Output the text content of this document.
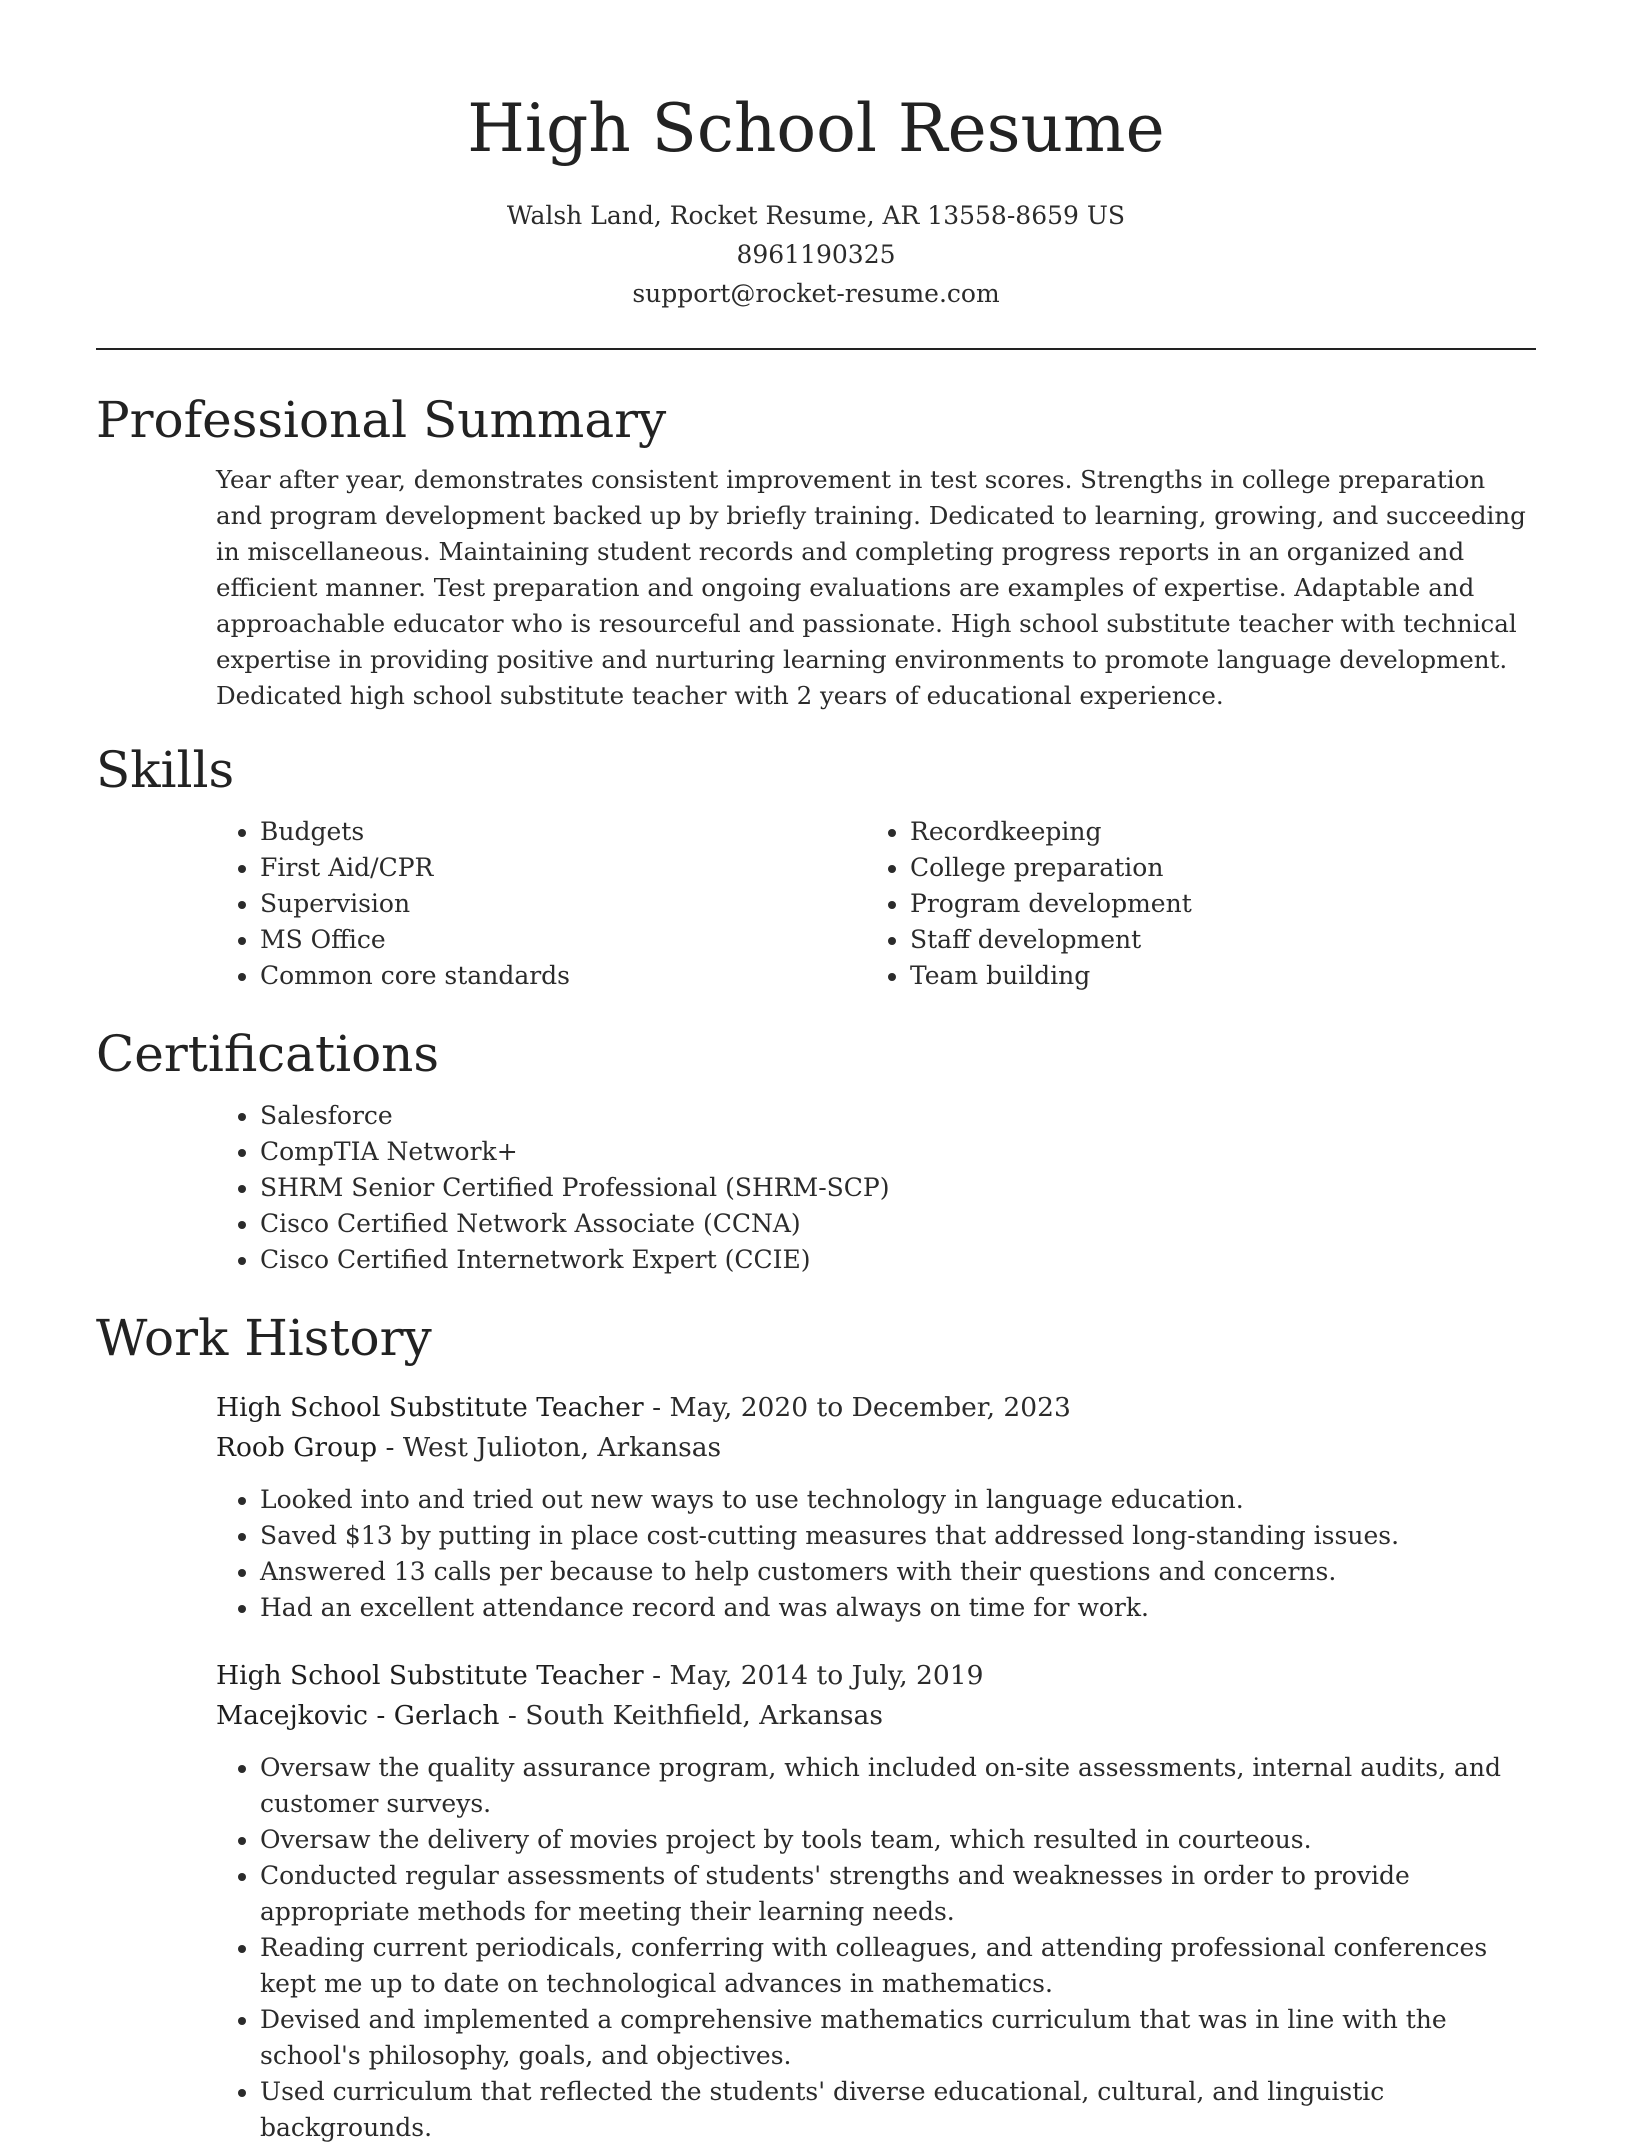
High School Resume
Walsh Land, Rocket Resume, AR 13558-8659 US
8961190325
support@rocket-resume.com
Professional Summary

Year after year, demonstrates consistent improvement in test scores. Strengths in college preparation and program development backed up by briefly training. Dedicated to learning, growing, and succeeding in miscellaneous. Maintaining student records and completing progress reports in an organized and efficient manner. Test preparation and ongoing evaluations are examples of expertise. Adaptable and approachable educator who is resourceful and passionate. High school substitute teacher with technical expertise in providing positive and nurturing learning environments to promote language development. Dedicated high school substitute teacher with 2 years of educational experience.

Skills
• Budgets
• First Aid/CPR
• Supervision
• MS Office
• Common core standards
• Recordkeeping
• College preparation
• Program development
• Staff development
• Team building
Certifications
• Salesforce
• CompTIA Network+
• SHRM Senior Certified Professional (SHRM-SCP)
• Cisco Certified Network Associate (CCNA)
• Cisco Certified Internetwork Expert (CCIE)
Work History
High School Substitute Teacher - May, 2020 to December, 2023
Roob Group - West Julioton, Arkansas
• Looked into and tried out new ways to use technology in language education.
• Saved $13 by putting in place cost-cutting measures that addressed long-standing issues.
• Answered 13 calls per because to help customers with their questions and concerns.
• Had an excellent attendance record and was always on time for work.
High School Substitute Teacher - May, 2014 to July, 2019
Macejkovic - Gerlach - South Keithfield, Arkansas
• Oversaw the quality assurance program, which included on-site assessments, internal audits, and customer surveys.
• Oversaw the delivery of movies project by tools team, which resulted in courteous.
• Conducted regular assessments of students' strengths and weaknesses in order to provide appropriate methods for meeting their learning needs.
• Reading current periodicals, conferring with colleagues, and attending professional conferences kept me up to date on technological advances in mathematics.
• Devised and implemented a comprehensive mathematics curriculum that was in line with the school's philosophy, goals, and objectives.
• Used curriculum that reflected the students' diverse educational, cultural, and linguistic backgrounds.
